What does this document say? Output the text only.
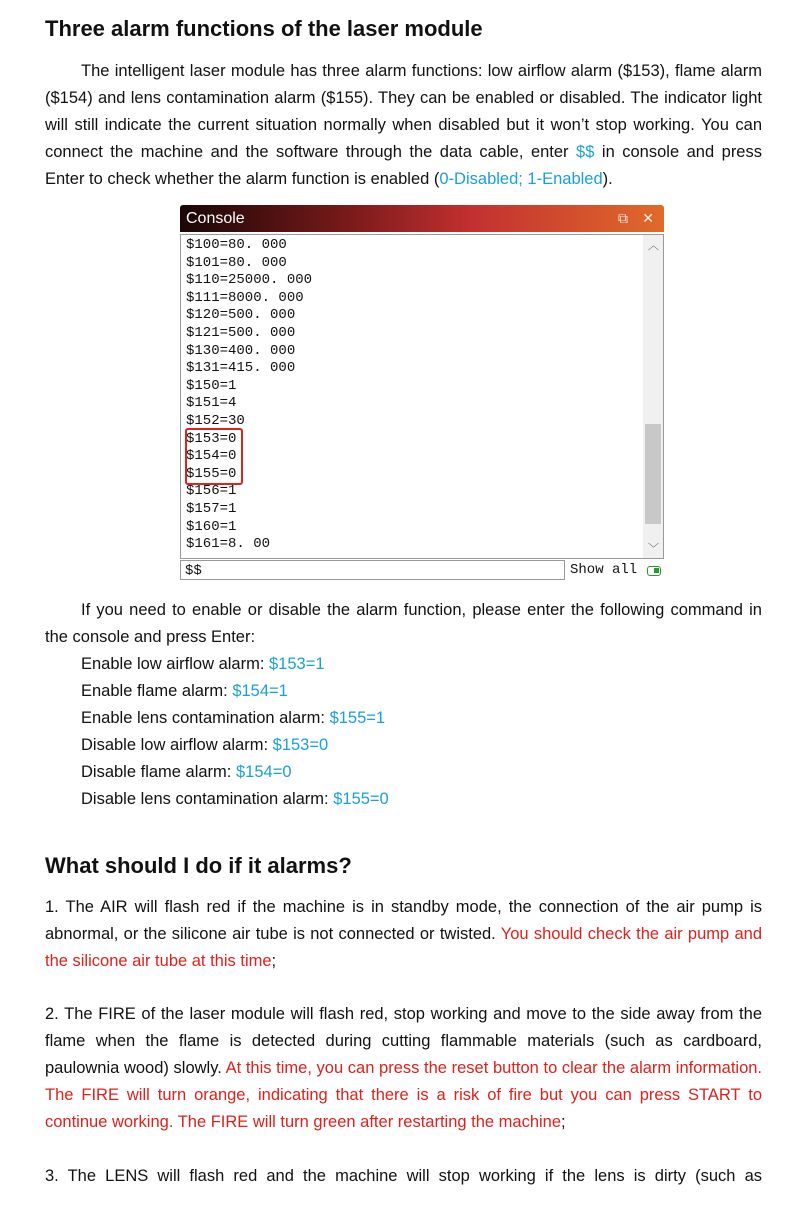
Three alarm functions of the laser module
The intelligent laser module has three alarm functions: low airflow alarm ($153), flame alarm ($154) and lens contamination alarm ($155). They can be enabled or disabled. The indicator light will still indicate the current situation normally when disabled but it won’t stop working. You can connect the machine and the software through the data cable, enter $$ in console and press Enter to check whether the alarm function is enabled (0-Disabled; 1-Enabled).
Console	⧉ ✕
$100=80. 000
$101=80. 000
$110=25000. 000
$111=8000. 000
$120=500. 000
$121=500. 000
$130=400. 000
$131=415. 000
$150=1
$151=4
$152=30
$153=0
$154=0
$155=0
$156=1
$157=1
$160=1
$161=8. 00
︿
﹀
$$	Show all
If you need to enable or disable the alarm function, please enter the following command in the console and press Enter:
Enable low airflow alarm: $153=1
Enable flame alarm: $154=1
Enable lens contamination alarm: $155=1
Disable low airflow alarm: $153=0
Disable flame alarm: $154=0
Disable lens contamination alarm: $155=0
What should I do if it alarms?
1. The AIR will flash red if the machine is in standby mode, the connection of the air pump is abnormal, or the silicone air tube is not connected or twisted. You should check the air pump and the silicone air tube at this time;
2. The FIRE of the laser module will flash red, stop working and move to the side away from the flame when the flame is detected during cutting flammable materials (such as cardboard, paulownia wood) slowly. At this time, you can press the reset button to clear the alarm information. The FIRE will turn orange, indicating that there is a risk of fire but you can press START to continue working. The FIRE will turn green after restarting the machine;
3. The LENS will flash red and the machine will stop working if the lens is dirty (such as
